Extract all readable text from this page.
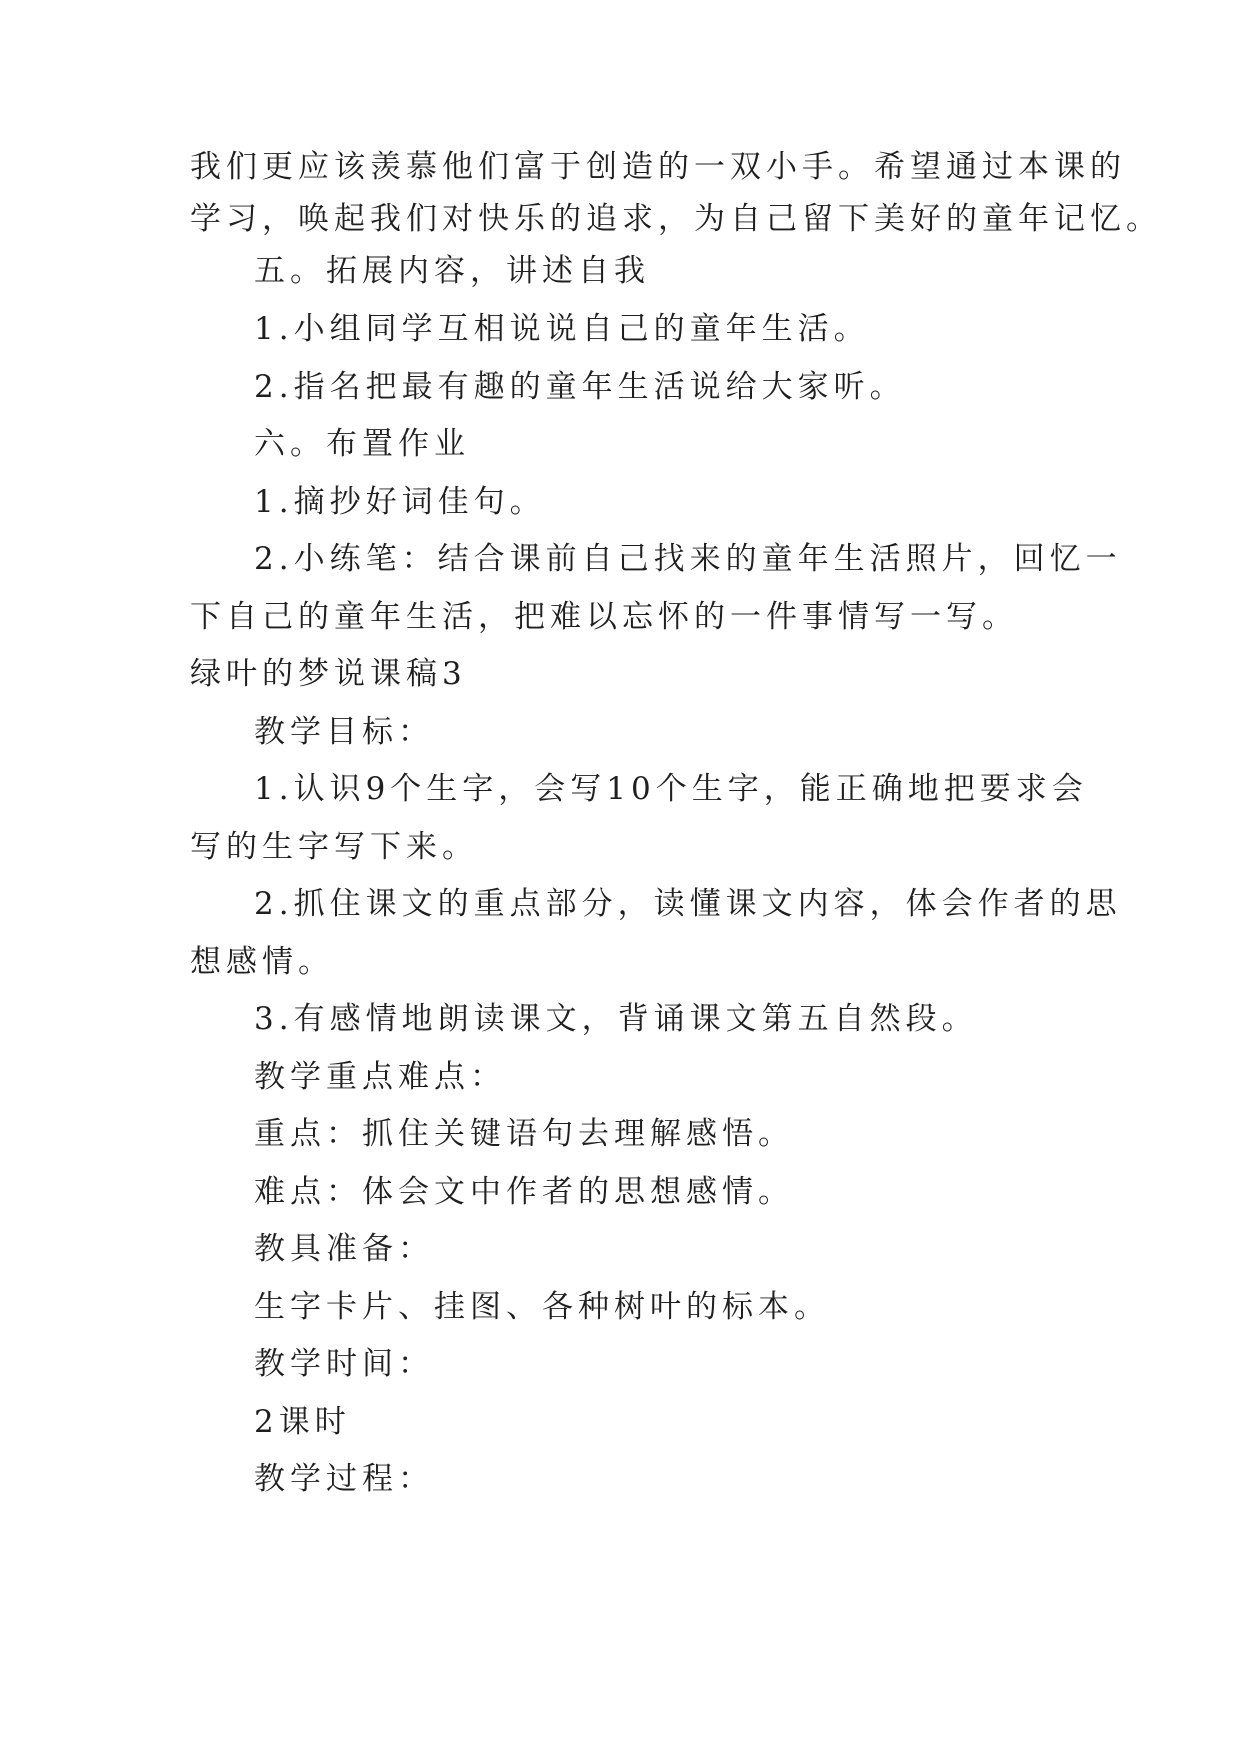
我们更应该羡慕他们富于创造的一双小手。希望通过本课的

学习，唤起我们对快乐的追求，为自己留下美好的童年记忆。

五。拓展内容，讲述自我

1.小组同学互相说说自己的童年生活。

2.指名把最有趣的童年生活说给大家听。

六。布置作业

1.摘抄好词佳句。

2.小练笔：结合课前自己找来的童年生活照片，回忆一

下自己的童年生活，把难以忘怀的一件事情写一写。

绿叶的梦说课稿3

教学目标：

1.认识9个生字，会写10个生字，能正确地把要求会

写的生字写下来。

2.抓住课文的重点部分，读懂课文内容，体会作者的思

想感情。

3.有感情地朗读课文，背诵课文第五自然段。

教学重点难点：

重点：抓住关键语句去理解感悟。

难点：体会文中作者的思想感情。

教具准备：

生字卡片、挂图、各种树叶的标本。

教学时间：

2课时

教学过程：
